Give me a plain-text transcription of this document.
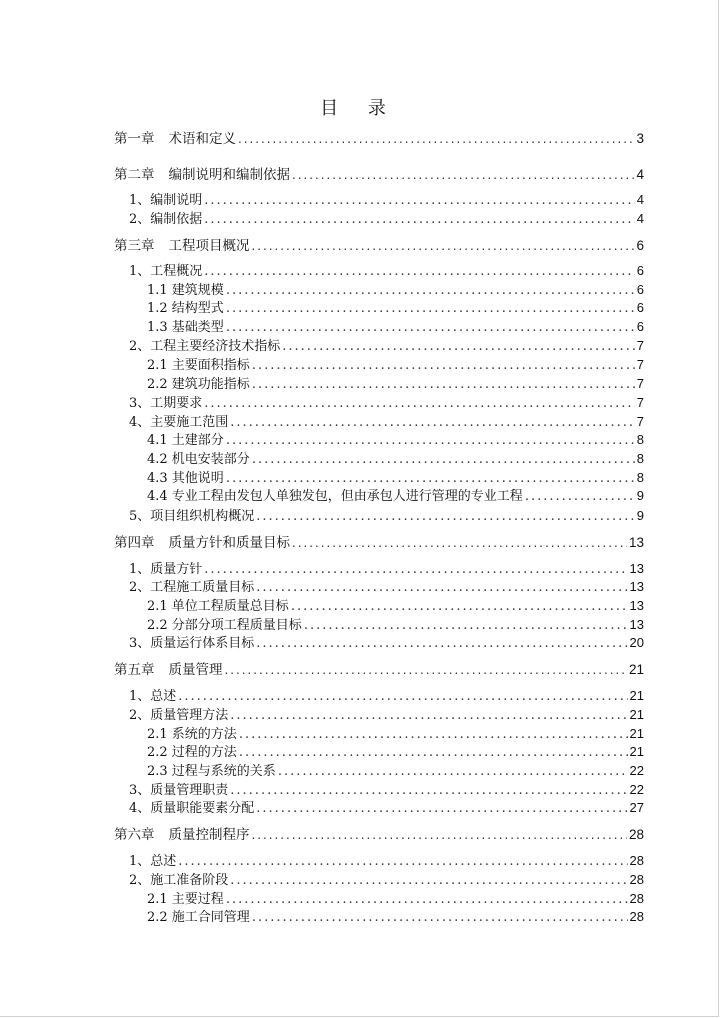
目 录
第一章 术语和定义 .....	3
第二章 编制说明和编制依据 .....	4
1、编制说明 .....	4
2、编制依据 .....	4
第三章 工程项目概况 .....	6
1、工程概况 .....	6
1.1 建筑规模 .....	6
1.2 结构型式 .....	6
1.3 基础类型 .....	6
2、工程主要经济技术指标 .....	7
2.1 主要面积指标 .....	7
2.2 建筑功能指标 .....	7
3、工期要求 .....	7
4、主要施工范围 .....	7
4.1 土建部分 .....	8
4.2 机电安装部分 .....	8
4.3 其他说明 .....	8
4.4 专业工程由发包人单独发包，但由承包人进行管理的专业工程 .....	9
5、项目组织机构概况 .....	9
第四章 质量方针和质量目标 .....	13
1、质量方针 .....	13
2、工程施工质量目标 .....	13
2.1 单位工程质量总目标 .....	13
2.2 分部分项工程质量目标 .....	13
3、质量运行体系目标 .....	20
第五章 质量管理 .....	21
1、总述 .....	21
2、质量管理方法 .....	21
2.1 系统的方法 .....	21
2.2 过程的方法 .....	21
2.3 过程与系统的关系 .....	22
3、质量管理职责 .....	22
4、质量职能要素分配 .....	27
第六章 质量控制程序 .....	28
1、总述 .....	28
2、施工准备阶段 .....	28
2.1 主要过程 .....	28
2.2 施工合同管理 .....	28
